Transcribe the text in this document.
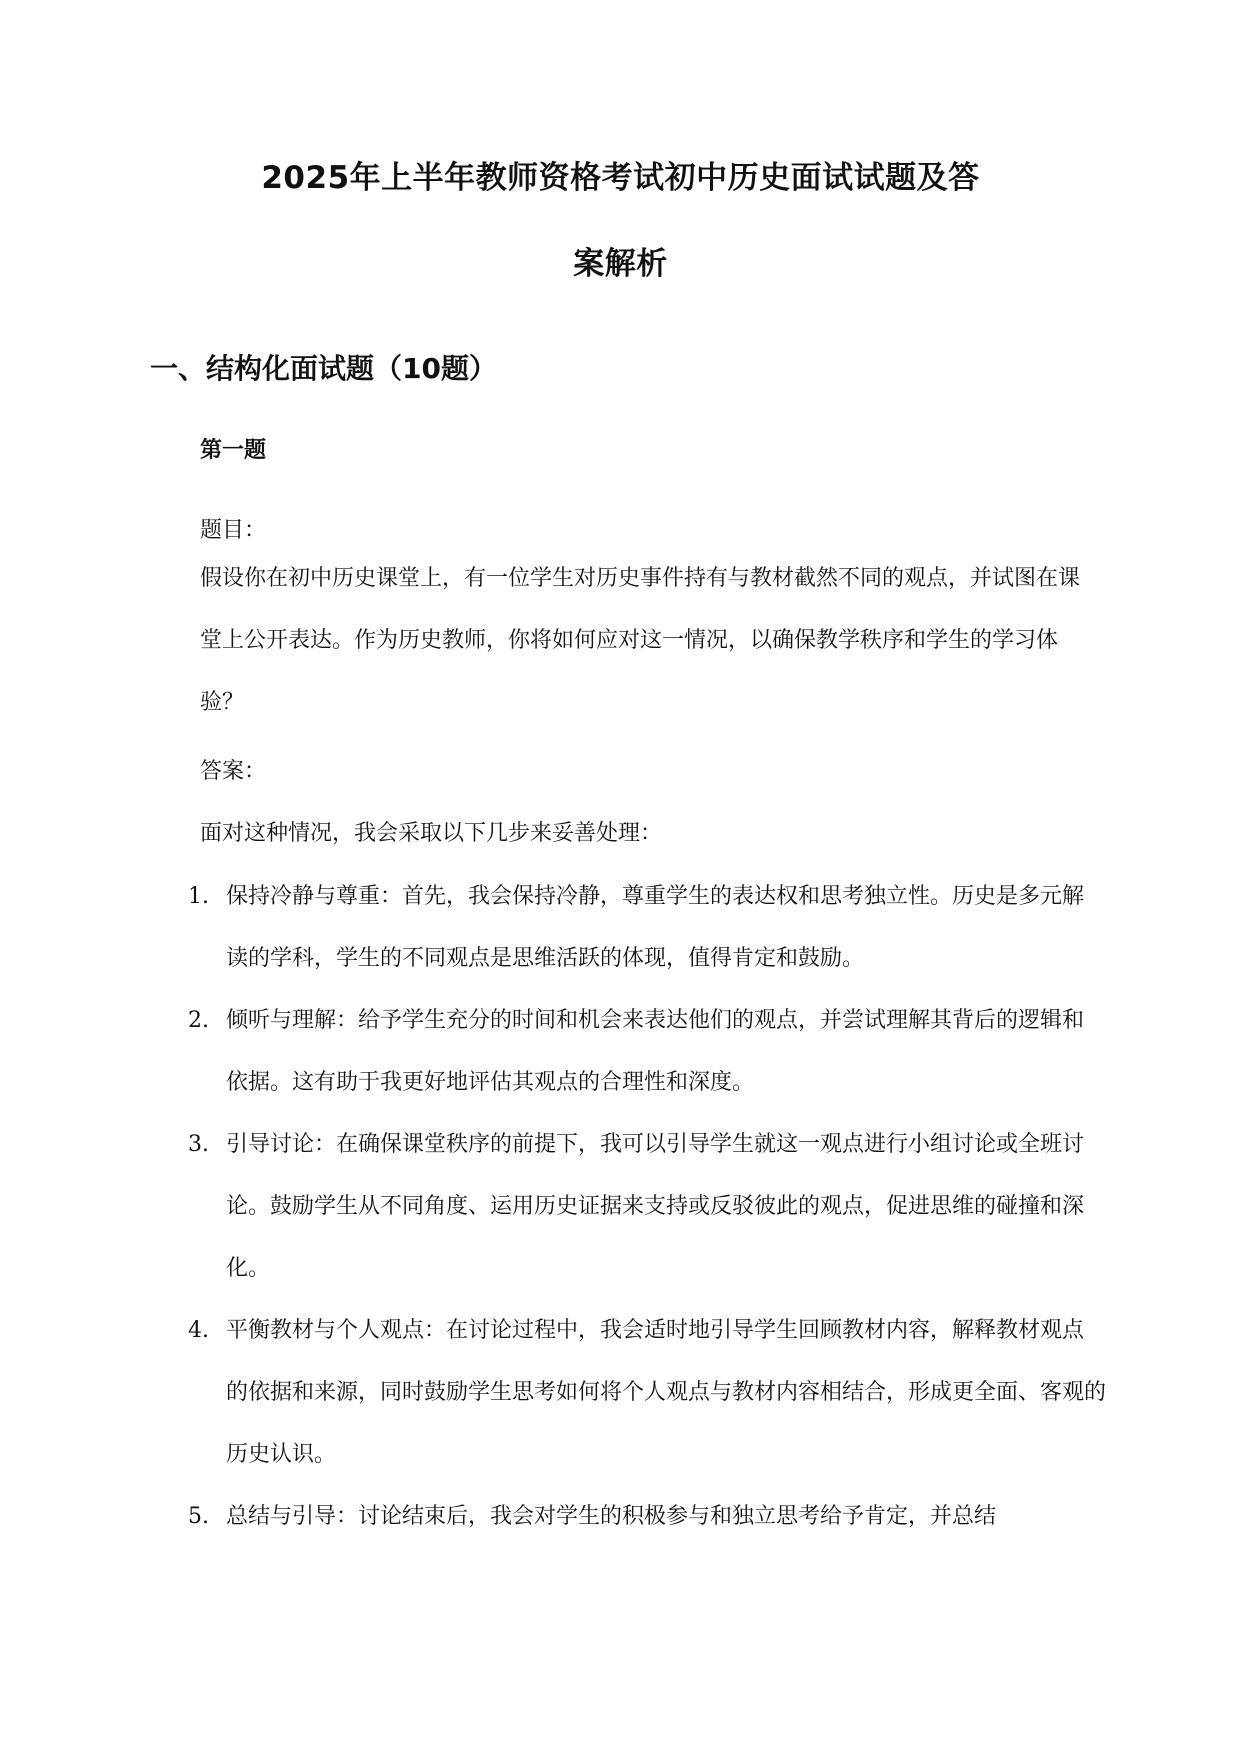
2025年上半年教师资格考试初中历史面试试题及答
案解析
一、结构化面试题（10题）
第一题
题目：
假设你在初中历史课堂上，有一位学生对历史事件持有与教材截然不同的观点，并试图在课堂上公开表达。作为历史教师，你将如何应对这一情况，以确保教学秩序和学生的学习体验？
答案：
面对这种情况，我会采取以下几步来妥善处理：
1. 保持冷静与尊重：首先，我会保持冷静，尊重学生的表达权和思考独立性。历史是多元解读的学科，学生的不同观点是思维活跃的体现，值得肯定和鼓励。
2. 倾听与理解：给予学生充分的时间和机会来表达他们的观点，并尝试理解其背后的逻辑和依据。这有助于我更好地评估其观点的合理性和深度。
3. 引导讨论：在确保课堂秩序的前提下，我可以引导学生就这一观点进行小组讨论或全班讨论。鼓励学生从不同角度、运用历史证据来支持或反驳彼此的观点，促进思维的碰撞和深化。
4. 平衡教材与个人观点：在讨论过程中，我会适时地引导学生回顾教材内容，解释教材观点的依据和来源，同时鼓励学生思考如何将个人观点与教材内容相结合，形成更全面、客观的历史认识。
5. 总结与引导：讨论结束后，我会对学生的积极参与和独立思考给予肯定，并总结
